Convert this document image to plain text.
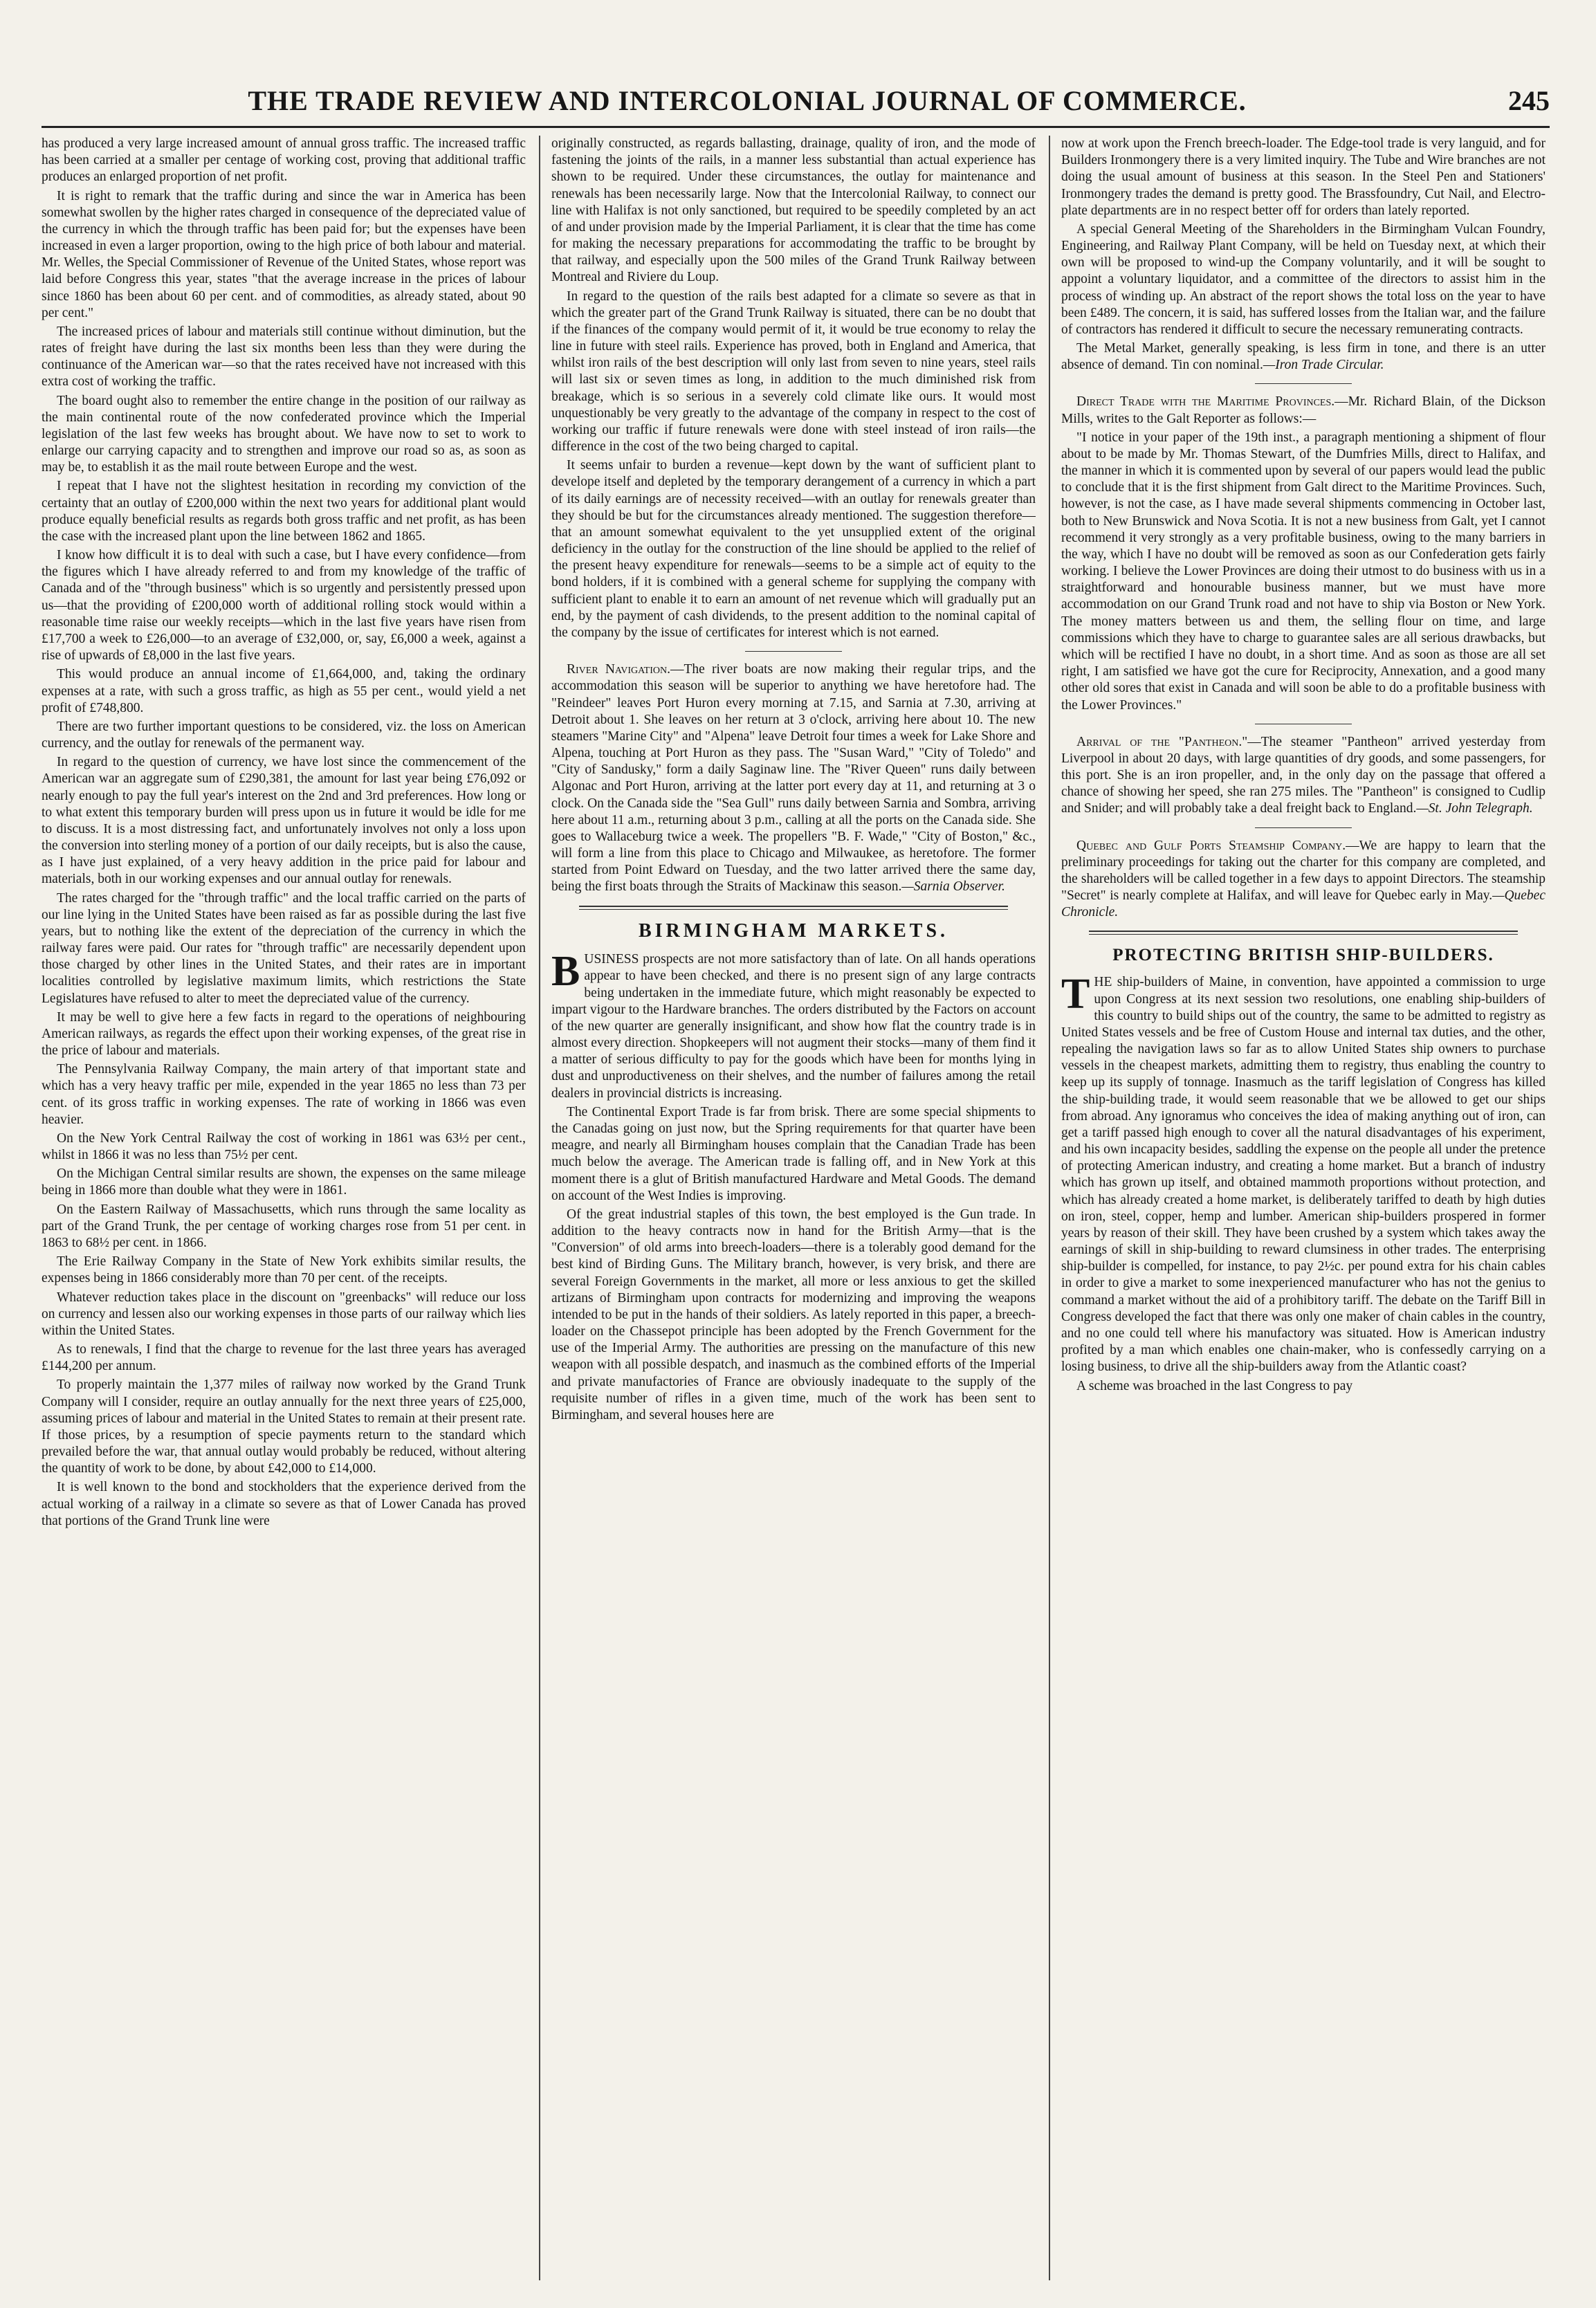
THE TRADE REVIEW AND INTERCOLONIAL JOURNAL OF COMMERCE.	245

has produced a very large increased amount of annual gross traffic. The increased traffic has been carried at a smaller per centage of working cost, proving that additional traffic produces an enlarged proportion of net profit.

It is right to remark that the traffic during and since the war in America has been somewhat swollen by the higher rates charged in consequence of the depreciated value of the currency in which the through traffic has been paid for; but the expenses have been increased in even a larger proportion, owing to the high price of both labour and material. Mr. Welles, the Special Commissioner of Revenue of the United States, whose report was laid before Congress this year, states "that the average increase in the prices of labour since 1860 has been about 60 per cent. and of commodities, as already stated, about 90 per cent."

The increased prices of labour and materials still continue without diminution, but the rates of freight have during the last six months been less than they were during the continuance of the American war—so that the rates received have not increased with this extra cost of working the traffic.

The board ought also to remember the entire change in the position of our railway as the main continental route of the now confederated province which the Imperial legislation of the last few weeks has brought about. We have now to set to work to enlarge our carrying capacity and to strengthen and improve our road so as, as soon as may be, to establish it as the mail route between Europe and the west.

I repeat that I have not the slightest hesitation in recording my conviction of the certainty that an outlay of £200,000 within the next two years for additional plant would produce equally beneficial results as regards both gross traffic and net profit, as has been the case with the increased plant upon the line between 1862 and 1865.

I know how difficult it is to deal with such a case, but I have every confidence—from the figures which I have already referred to and from my knowledge of the traffic of Canada and of the "through business" which is so urgently and persistently pressed upon us—that the providing of £200,000 worth of additional rolling stock would within a reasonable time raise our weekly receipts—which in the last five years have risen from £17,700 a week to £26,000—to an average of £32,000, or, say, £6,000 a week, against a rise of upwards of £8,000 in the last five years.

This would produce an annual income of £1,664,000, and, taking the ordinary expenses at a rate, with such a gross traffic, as high as 55 per cent., would yield a net profit of £748,800.

There are two further important questions to be considered, viz. the loss on American currency, and the outlay for renewals of the permanent way.

In regard to the question of currency, we have lost since the commencement of the American war an aggregate sum of £290,381, the amount for last year being £76,092 or nearly enough to pay the full year's interest on the 2nd and 3rd preferences. How long or to what extent this temporary burden will press upon us in future it would be idle for me to discuss. It is a most distressing fact, and unfortunately involves not only a loss upon the conversion into sterling money of a portion of our daily receipts, but is also the cause, as I have just explained, of a very heavy addition in the price paid for labour and materials, both in our working expenses and our annual outlay for renewals.

The rates charged for the "through traffic" and the local traffic carried on the parts of our line lying in the United States have been raised as far as possible during the last five years, but to nothing like the extent of the depreciation of the currency in which the railway fares were paid. Our rates for "through traffic" are necessarily dependent upon those charged by other lines in the United States, and their rates are in important localities controlled by legislative maximum limits, which restrictions the State Legislatures have refused to alter to meet the depreciated value of the currency.

It may be well to give here a few facts in regard to the operations of neighbouring American railways, as regards the effect upon their working expenses, of the great rise in the price of labour and materials.

The Pennsylvania Railway Company, the main artery of that important state and which has a very heavy traffic per mile, expended in the year 1865 no less than 73 per cent. of its gross traffic in working expenses. The rate of working in 1866 was even heavier.

On the New York Central Railway the cost of working in 1861 was 63½ per cent., whilst in 1866 it was no less than 75½ per cent.

On the Michigan Central similar results are shown, the expenses on the same mileage being in 1866 more than double what they were in 1861.

On the Eastern Railway of Massachusetts, which runs through the same locality as part of the Grand Trunk, the per centage of working charges rose from 51 per cent. in 1863 to 68½ per cent. in 1866.

The Erie Railway Company in the State of New York exhibits similar results, the expenses being in 1866 considerably more than 70 per cent. of the receipts.

Whatever reduction takes place in the discount on "greenbacks" will reduce our loss on currency and lessen also our working expenses in those parts of our railway which lies within the United States.

As to renewals, I find that the charge to revenue for the last three years has averaged £144,200 per annum.

To properly maintain the 1,377 miles of railway now worked by the Grand Trunk Company will I consider, require an outlay annually for the next three years of £25,000, assuming prices of labour and material in the United States to remain at their present rate. If those prices, by a resumption of specie payments return to the standard which prevailed before the war, that annual outlay would probably be reduced, without altering the quantity of work to be done, by about £42,000 to £14,000.

It is well known to the bond and stockholders that the experience derived from the actual working of a railway in a climate so severe as that of Lower Canada has proved that portions of the Grand Trunk line were

originally constructed, as regards ballasting, drainage, quality of iron, and the mode of fastening the joints of the rails, in a manner less substantial than actual experience has shown to be required. Under these circumstances, the outlay for maintenance and renewals has been necessarily large. Now that the Intercolonial Railway, to connect our line with Halifax is not only sanctioned, but required to be speedily completed by an act of and under provision made by the Imperial Parliament, it is clear that the time has come for making the necessary preparations for accommodating the traffic to be brought by that railway, and especially upon the 500 miles of the Grand Trunk Railway between Montreal and Riviere du Loup.

In regard to the question of the rails best adapted for a climate so severe as that in which the greater part of the Grand Trunk Railway is situated, there can be no doubt that if the finances of the company would permit of it, it would be true economy to relay the line in future with steel rails. Experience has proved, both in England and America, that whilst iron rails of the best description will only last from seven to nine years, steel rails will last six or seven times as long, in addition to the much diminished risk from breakage, which is so serious in a severely cold climate like ours. It would most unquestionably be very greatly to the advantage of the company in respect to the cost of working our traffic if future renewals were done with steel instead of iron rails—the difference in the cost of the two being charged to capital.

It seems unfair to burden a revenue—kept down by the want of sufficient plant to develope itself and depleted by the temporary derangement of a currency in which a part of its daily earnings are of necessity received—with an outlay for renewals greater than they should be but for the circumstances already mentioned. The suggestion therefore—that an amount somewhat equivalent to the yet unsupplied extent of the original deficiency in the outlay for the construction of the line should be applied to the relief of the present heavy expenditure for renewals—seems to be a simple act of equity to the bond holders, if it is combined with a general scheme for supplying the company with sufficient plant to enable it to earn an amount of net revenue which will gradually put an end, by the payment of cash dividends, to the present addition to the nominal capital of the company by the issue of certificates for interest which is not earned.

River Navigation.—The river boats are now making their regular trips, and the accommodation this season will be superior to anything we have heretofore had. The "Reindeer" leaves Port Huron every morning at 7.15, and Sarnia at 7.30, arriving at Detroit about 1. She leaves on her return at 3 o'clock, arriving here about 10. The new steamers "Marine City" and "Alpena" leave Detroit four times a week for Lake Shore and Alpena, touching at Port Huron as they pass. The "Susan Ward," "City of Toledo" and "City of Sandusky," form a daily Saginaw line. The "River Queen" runs daily between Algonac and Port Huron, arriving at the latter port every day at 11, and returning at 3 o clock. On the Canada side the "Sea Gull" runs daily between Sarnia and Sombra, arriving here about 11 a.m., returning about 3 p.m., calling at all the ports on the Canada side. She goes to Wallaceburg twice a week. The propellers "B. F. Wade," "City of Boston," &c., will form a line from this place to Chicago and Milwaukee, as heretofore. The former started from Point Edward on Tuesday, and the two latter arrived there the same day, being the first boats through the Straits of Mackinaw this season.—Sarnia Observer.

BIRMINGHAM MARKETS.

BUSINESS prospects are not more satisfactory than of late. On all hands operations appear to have been checked, and there is no present sign of any large contracts being undertaken in the immediate future, which might reasonably be expected to impart vigour to the Hardware branches. The orders distributed by the Factors on account of the new quarter are generally insignificant, and show how flat the country trade is in almost every direction. Shopkeepers will not augment their stocks—many of them find it a matter of serious difficulty to pay for the goods which have been for months lying in dust and unproductiveness on their shelves, and the number of failures among the retail dealers in provincial districts is increasing.

The Continental Export Trade is far from brisk. There are some special shipments to the Canadas going on just now, but the Spring requirements for that quarter have been meagre, and nearly all Birmingham houses complain that the Canadian Trade has been much below the average. The American trade is falling off, and in New York at this moment there is a glut of British manufactured Hardware and Metal Goods. The demand on account of the West Indies is improving.

Of the great industrial staples of this town, the best employed is the Gun trade. In addition to the heavy contracts now in hand for the British Army—that is the "Conversion" of old arms into breech-loaders—there is a tolerably good demand for the best kind of Birding Guns. The Military branch, however, is very brisk, and there are several Foreign Governments in the market, all more or less anxious to get the skilled artizans of Birmingham upon contracts for modernizing and improving the weapons intended to be put in the hands of their soldiers. As lately reported in this paper, a breech-loader on the Chassepot principle has been adopted by the French Government for the use of the Imperial Army. The authorities are pressing on the manufacture of this new weapon with all possible despatch, and inasmuch as the combined efforts of the Imperial and private manufactories of France are obviously inadequate to the supply of the requisite number of rifles in a given time, much of the work has been sent to Birmingham, and several houses here are

now at work upon the French breech-loader. The Edge-tool trade is very languid, and for Builders Ironmongery there is a very limited inquiry. The Tube and Wire branches are not doing the usual amount of business at this season. In the Steel Pen and Stationers' Ironmongery trades the demand is pretty good. The Brassfoundry, Cut Nail, and Electro-plate departments are in no respect better off for orders than lately reported.

A special General Meeting of the Shareholders in the Birmingham Vulcan Foundry, Engineering, and Railway Plant Company, will be held on Tuesday next, at which their own will be proposed to wind-up the Company voluntarily, and it will be sought to appoint a voluntary liquidator, and a committee of the directors to assist him in the process of winding up. An abstract of the report shows the total loss on the year to have been £489. The concern, it is said, has suffered losses from the Italian war, and the failure of contractors has rendered it difficult to secure the necessary remunerating contracts.

The Metal Market, generally speaking, is less firm in tone, and there is an utter absence of demand. Tin con nominal.—Iron Trade Circular.

Direct Trade with the Maritime Provinces.—Mr. Richard Blain, of the Dickson Mills, writes to the Galt Reporter as follows:—

"I notice in your paper of the 19th inst., a paragraph mentioning a shipment of flour about to be made by Mr. Thomas Stewart, of the Dumfries Mills, direct to Halifax, and the manner in which it is commented upon by several of our papers would lead the public to conclude that it is the first shipment from Galt direct to the Maritime Provinces. Such, however, is not the case, as I have made several shipments commencing in October last, both to New Brunswick and Nova Scotia. It is not a new business from Galt, yet I cannot recommend it very strongly as a very profitable business, owing to the many barriers in the way, which I have no doubt will be removed as soon as our Confederation gets fairly working. I believe the Lower Provinces are doing their utmost to do business with us in a straightforward and honourable business manner, but we must have more accommodation on our Grand Trunk road and not have to ship via Boston or New York. The money matters between us and them, the selling flour on time, and large commissions which they have to charge to guarantee sales are all serious drawbacks, but which will be rectified I have no doubt, in a short time. And as soon as those are all set right, I am satisfied we have got the cure for Reciprocity, Annexation, and a good many other old sores that exist in Canada and will soon be able to do a profitable business with the Lower Provinces."

Arrival of the "Pantheon."—The steamer "Pantheon" arrived yesterday from Liverpool in about 20 days, with large quantities of dry goods, and some passengers, for this port. She is an iron propeller, and, in the only day on the passage that offered a chance of showing her speed, she ran 275 miles. The "Pantheon" is consigned to Cudlip and Snider; and will probably take a deal freight back to England.—St. John Telegraph.

Quebec and Gulf Ports Steamship Company.—We are happy to learn that the preliminary proceedings for taking out the charter for this company are completed, and the shareholders will be called together in a few days to appoint Directors. The steamship "Secret" is nearly complete at Halifax, and will leave for Quebec early in May.—Quebec Chronicle.

PROTECTING BRITISH SHIP-BUILDERS.

THE ship-builders of Maine, in convention, have appointed a commission to urge upon Congress at its next session two resolutions, one enabling ship-builders of this country to build ships out of the country, the same to be admitted to registry as United States vessels and be free of Custom House and internal tax duties, and the other, repealing the navigation laws so far as to allow United States ship owners to purchase vessels in the cheapest markets, admitting them to registry, thus enabling the country to keep up its supply of tonnage. Inasmuch as the tariff legislation of Congress has killed the ship-building trade, it would seem reasonable that we be allowed to get our ships from abroad. Any ignoramus who conceives the idea of making anything out of iron, can get a tariff passed high enough to cover all the natural disadvantages of his experiment, and his own incapacity besides, saddling the expense on the people all under the pretence of protecting American industry, and creating a home market. But a branch of industry which has grown up itself, and obtained mammoth proportions without protection, and which has already created a home market, is deliberately tariffed to death by high duties on iron, steel, copper, hemp and lumber. American ship-builders prospered in former years by reason of their skill. They have been crushed by a system which takes away the earnings of skill in ship-building to reward clumsiness in other trades. The enterprising ship-builder is compelled, for instance, to pay 2½c. per pound extra for his chain cables in order to give a market to some inexperienced manufacturer who has not the genius to command a market without the aid of a prohibitory tariff. The debate on the Tariff Bill in Congress developed the fact that there was only one maker of chain cables in the country, and no one could tell where his manufactory was situated. How is American industry profited by a man which enables one chain-maker, who is confessedly carrying on a losing business, to drive all the ship-builders away from the Atlantic coast?

A scheme was broached in the last Congress to pay
